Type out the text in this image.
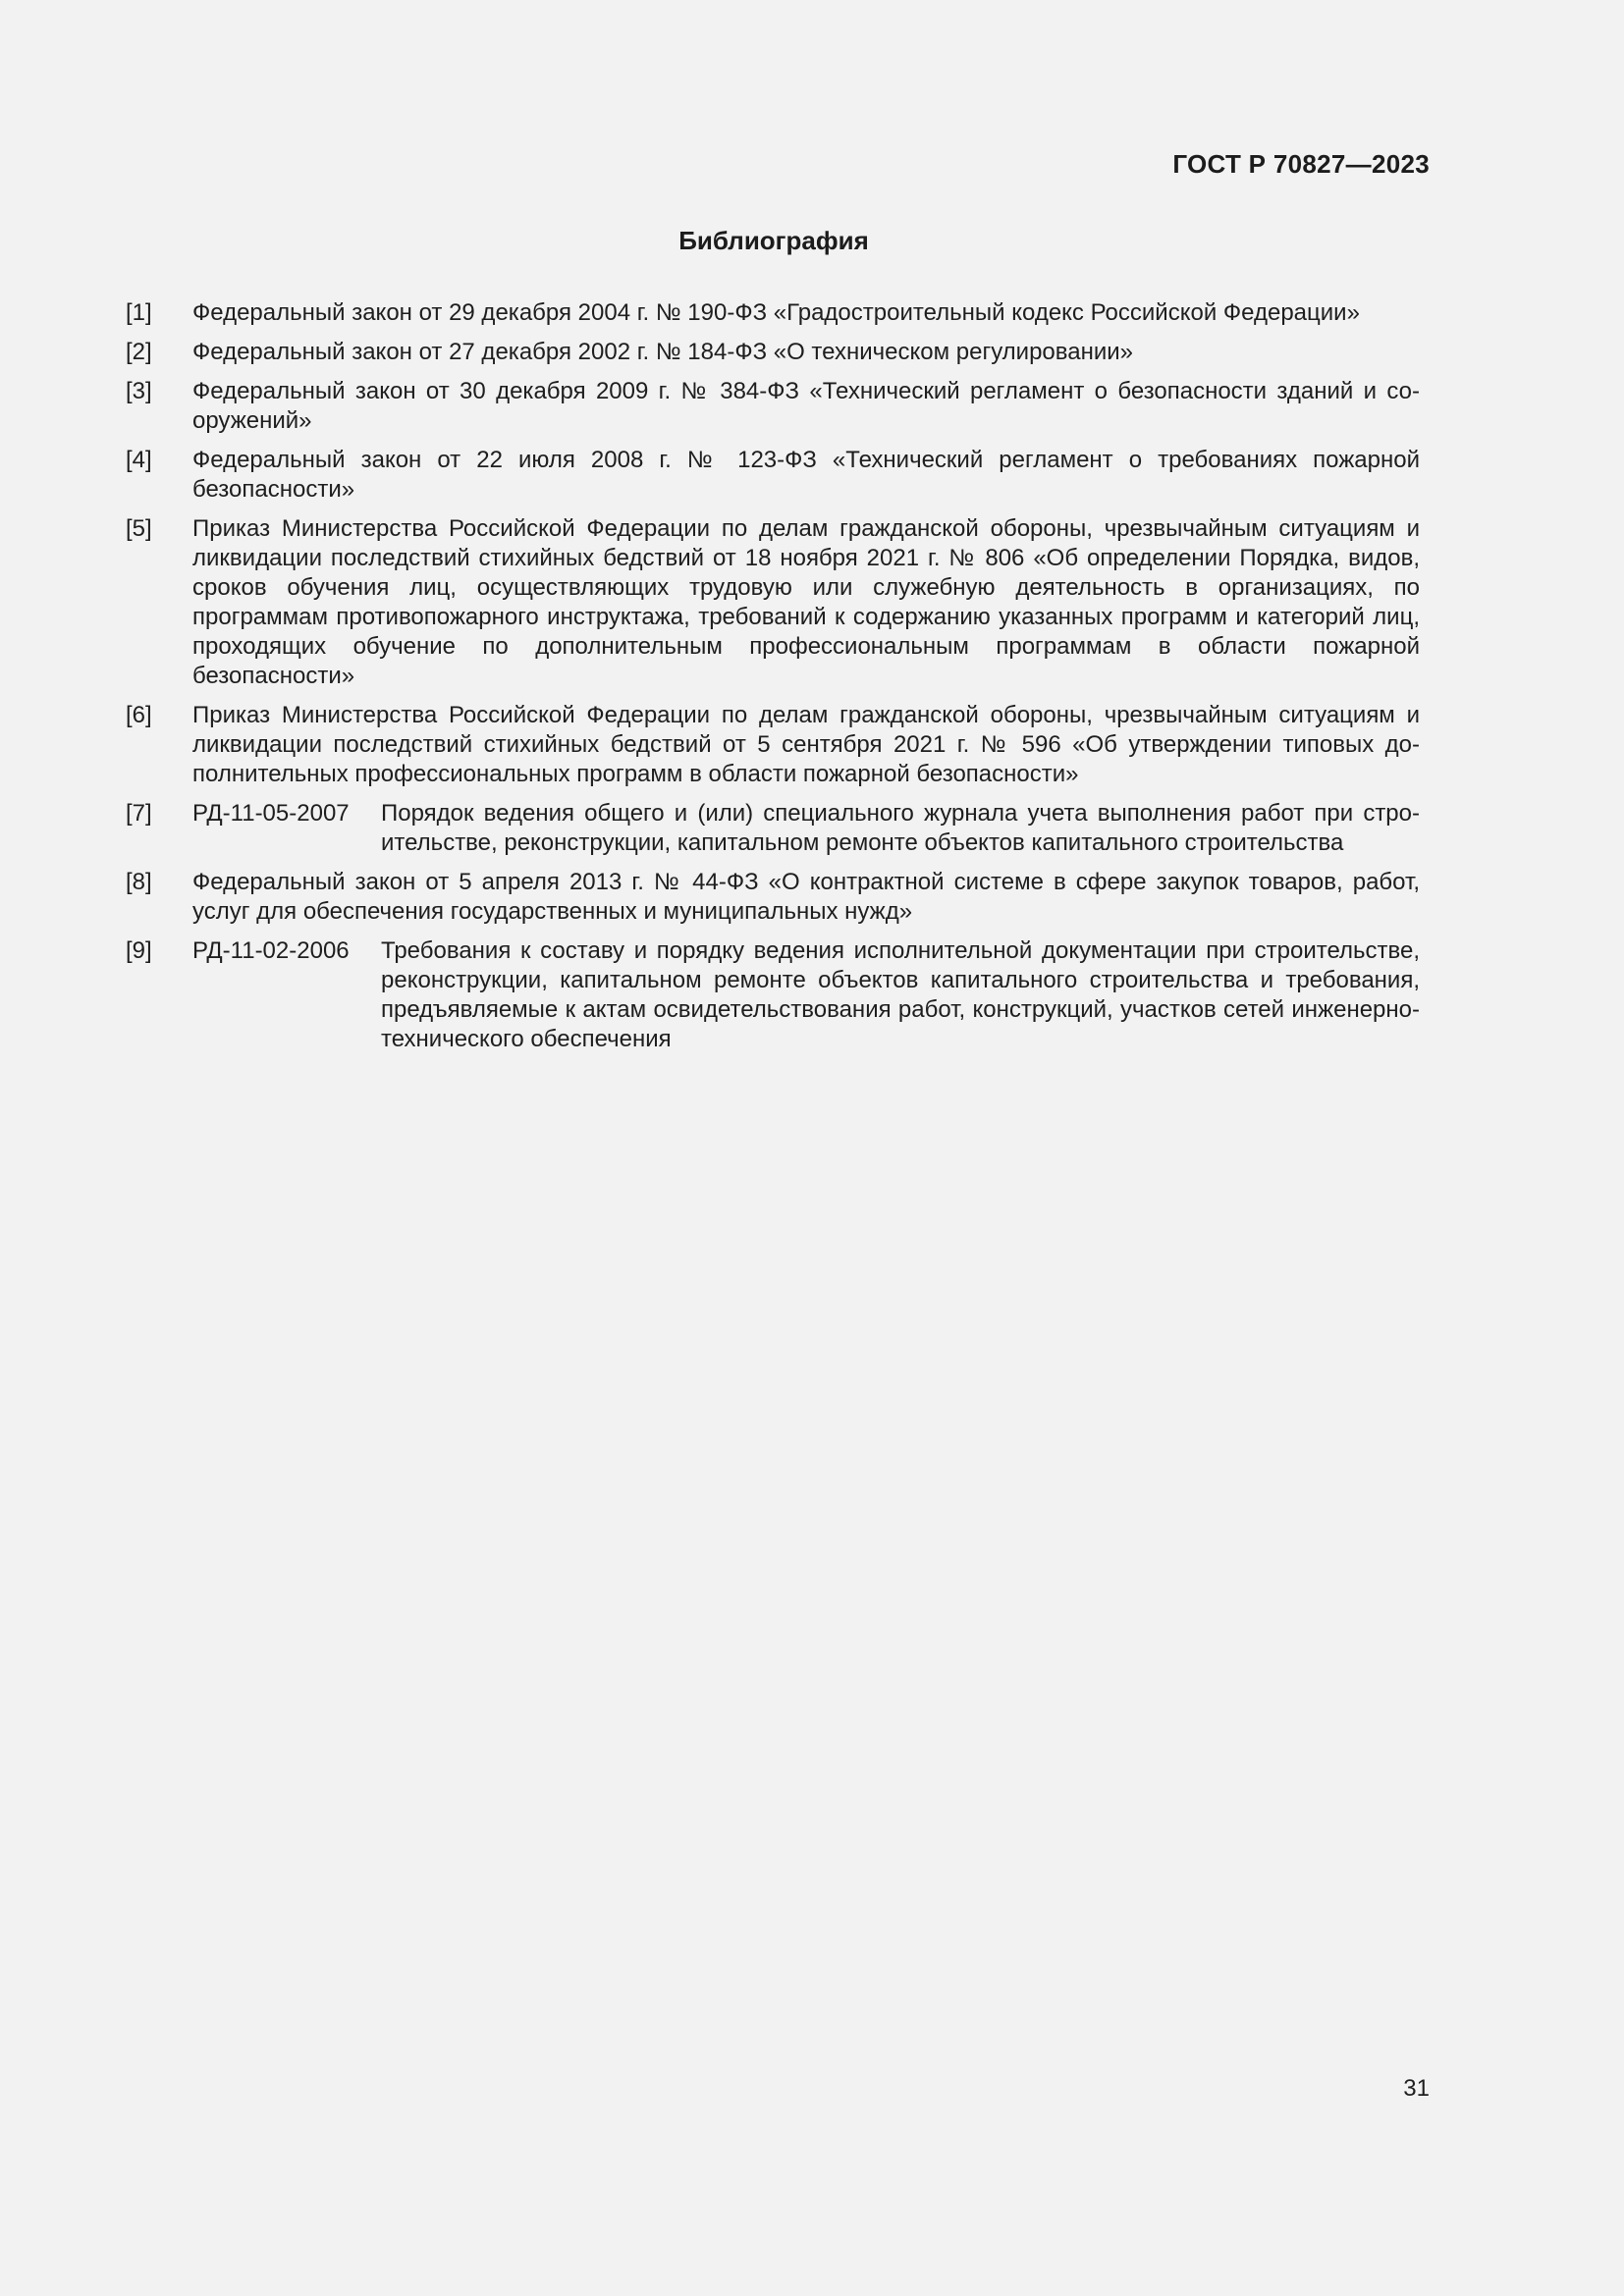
ГОСТ Р 70827—2023
Библиография
[1]	Федеральный закон от 29 декабря 2004 г. № 190-ФЗ «Градостроительный кодекс Российской Федерации»
[2]	Федеральный закон от 27 декабря 2002 г. № 184-ФЗ «О техническом регулировании»
[3]	Федеральный закон от 30 декабря 2009 г. № 384-ФЗ «Технический регламент о безопасности зданий и сооружений»
[4]	Федеральный закон от 22 июля 2008 г. № 123-ФЗ «Технический регламент о требованиях пожарной безопасности»
[5]	Приказ Министерства Российской Федерации по делам гражданской обороны, чрезвычайным ситуациям и ликвидации последствий стихийных бедствий от 18 ноября 2021 г. № 806 «Об определении Порядка, видов, сроков обучения лиц, осуществляющих трудовую или служебную деятельность в организациях, по программам противопожарного инструктажа, требований к содержанию указанных программ и категорий лиц, проходящих обучение по дополнительным профессиональным программам в области пожарной безопасности»
[6]	Приказ Министерства Российской Федерации по делам гражданской обороны, чрезвычайным ситуациям и ликвидации последствий стихийных бедствий от 5 сентября 2021 г. № 596 «Об утверждении типовых дополнительных профессиональных программ в области пожарной безопасности»
[7]	РД-11-05-2007	Порядок ведения общего и (или) специального журнала учета выполнения работ при строительстве, реконструкции, капитальном ремонте объектов капитального строительства
[8]	Федеральный закон от 5 апреля 2013 г. № 44-ФЗ «О контрактной системе в сфере закупок товаров, работ, услуг для обеспечения государственных и муниципальных нужд»
[9]	РД-11-02-2006	Требования к составу и порядку ведения исполнительной документации при строительстве, реконструкции, капитальном ремонте объектов капитального строительства и требования, предъявляемые к актам освидетельствования работ, конструкций, участков сетей инженерно-технического обеспечения
31
